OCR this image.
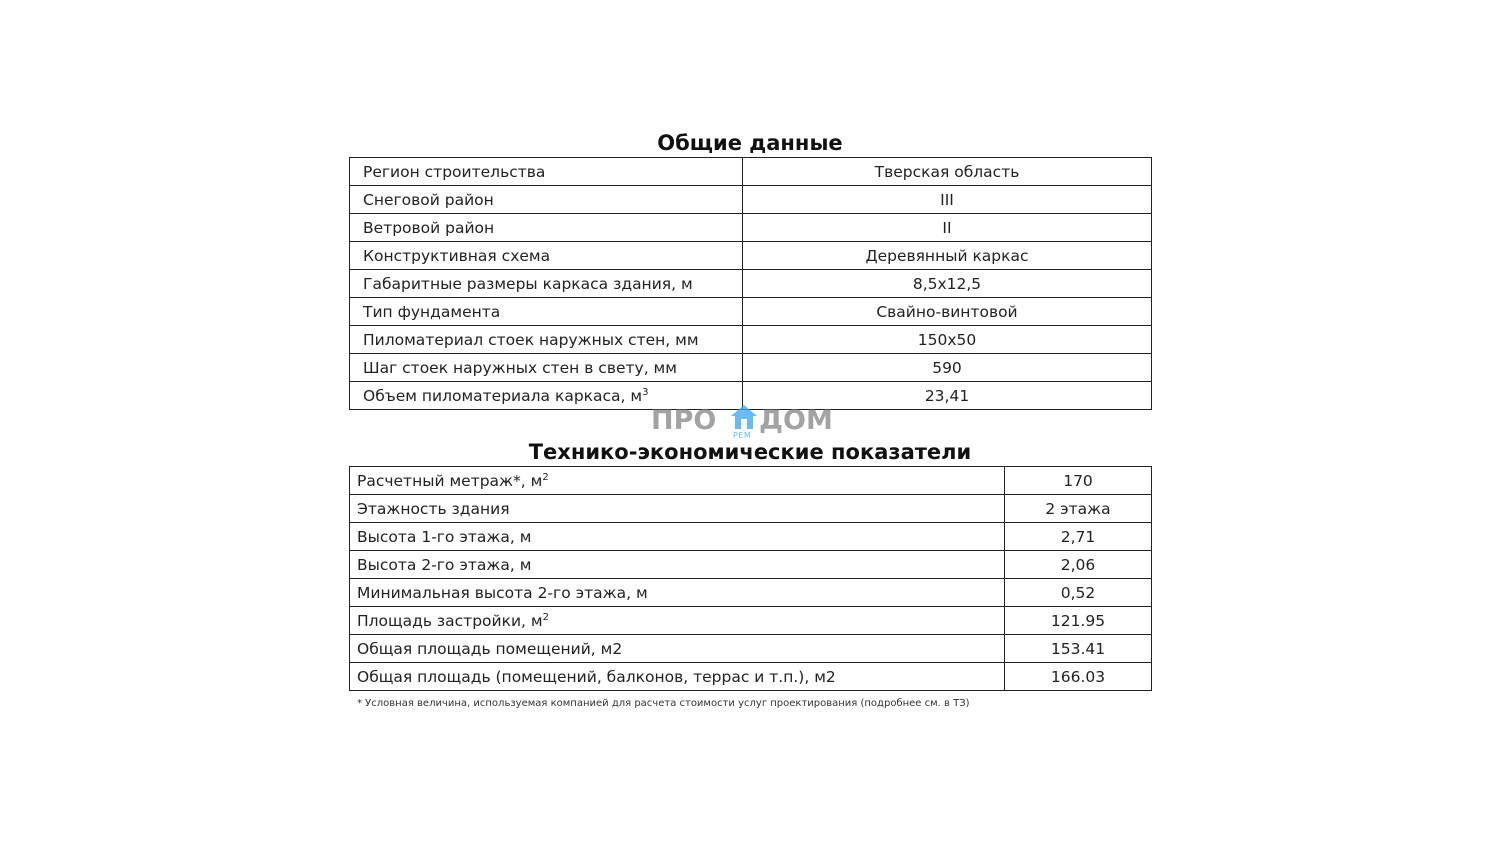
Общие данные
Регион строительства	Тверская область
Снеговой район	III
Ветровой район	II
Конструктивная схема	Деревянный каркас
Габаритные размеры каркаса здания, м	8,5х12,5
Тип фундамента	Свайно-винтовой
Пиломатериал стоек наружных стен, мм	150х50
Шаг стоек наружных стен в свету, мм	590
Объем пиломатериала каркаса, $м^3$	23,41
ПРО РЕМ ДОМ
Технико-экономические показатели
Расчетный метраж*, $м^2$	170
Этажность здания	2 этажа
Высота 1-го этажа, м	2,71
Высота 2-го этажа, м	2,06
Минимальная высота 2-го этажа, м	0,52
Площадь застройки, $м^2$	121.95
Общая площадь помещений, м2	153.41
Общая площадь (помещений, балконов, террас и т.п.), м2	166.03
* Условная величина, используемая компанией для расчета стоимости услуг проектирования (подробнее см. в ТЗ)
